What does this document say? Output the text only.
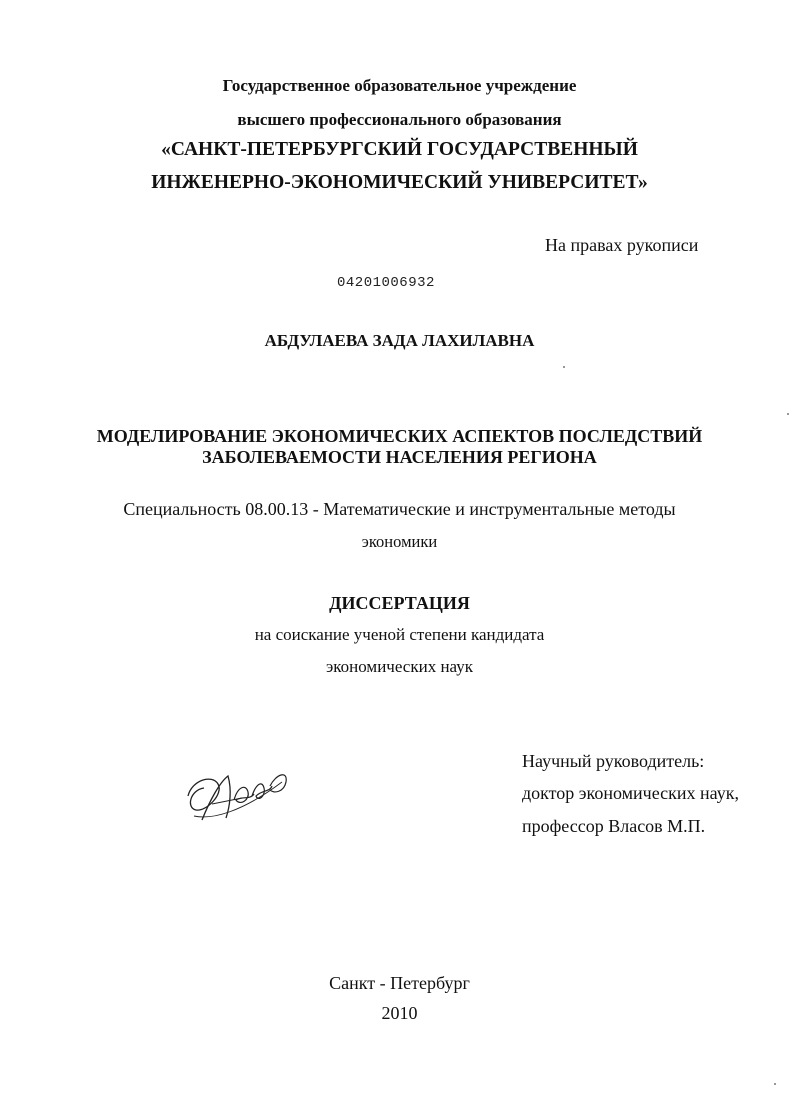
Государственное образовательное учреждение
высшего профессионального образования
«САНКТ-ПЕТЕРБУРГСКИЙ ГОСУДАРСТВЕННЫЙ
ИНЖЕНЕРНО-ЭКОНОМИЧЕСКИЙ УНИВЕРСИТЕТ»
На правах рукописи
04201006932
АБДУЛАЕВА ЗАДА ЛАХИЛАВНА
МОДЕЛИРОВАНИЕ ЭКОНОМИЧЕСКИХ АСПЕКТОВ ПОСЛЕДСТВИЙ
ЗАБОЛЕВАЕМОСТИ НАСЕЛЕНИЯ РЕГИОНА
Специальность 08.00.13 - Математические и инструментальные методы
экономики
ДИССЕРТАЦИЯ
на соискание ученой степени кандидата
экономических наук
Научный руководитель:
доктор экономических наук,
профессор Власов М.П.
Санкт - Петербург
2010
